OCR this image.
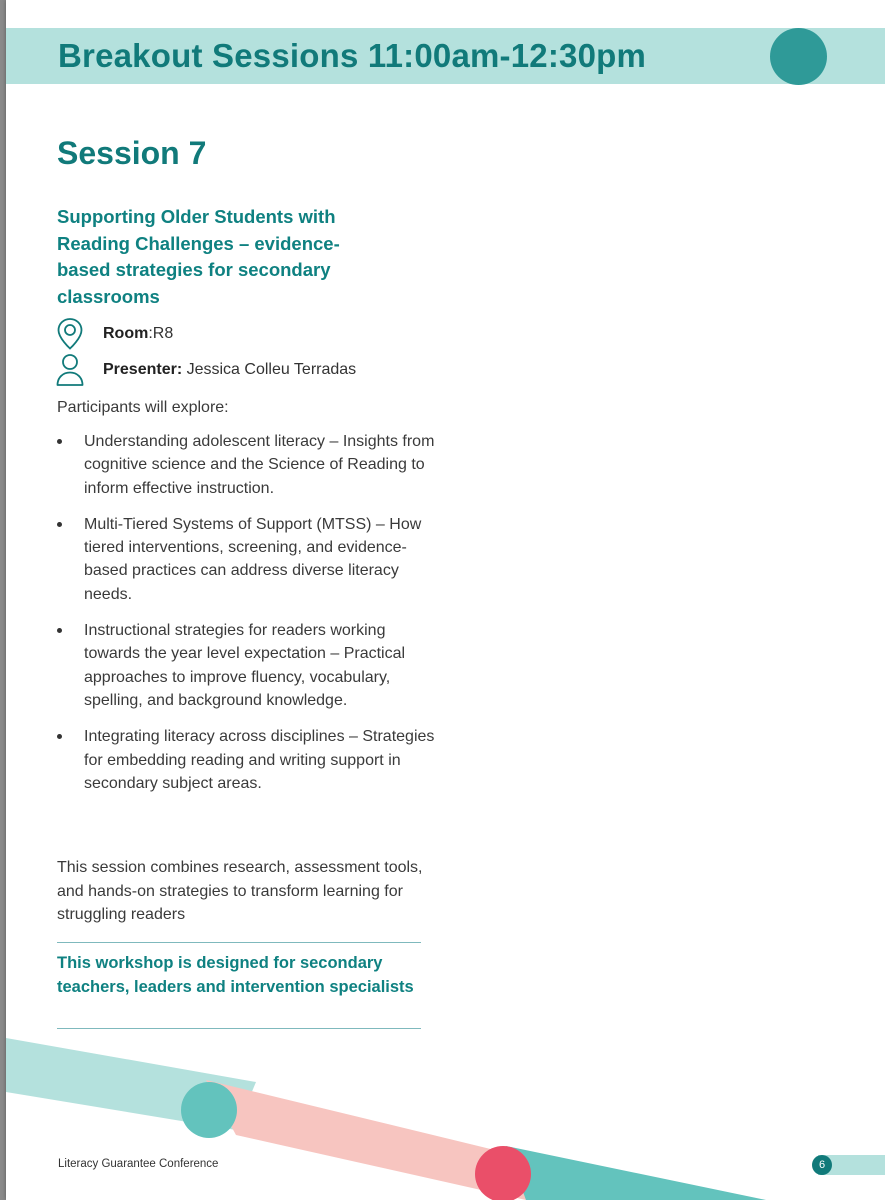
Breakout Sessions 11:00am-12:30pm
Session 7
Supporting Older Students with Reading Challenges – evidence-based strategies for secondary classrooms
Room:R8
Presenter: Jessica Colleu Terradas

Participants will explore:

Understanding adolescent literacy – Insights from cognitive science and the Science of Reading to inform effective instruction.
Multi-Tiered Systems of Support (MTSS) – How tiered interventions, screening, and evidence-based practices can address diverse literacy needs.
Instructional strategies for readers working towards the year level expectation – Practical approaches to improve fluency, vocabulary, spelling, and background knowledge.
Integrating literacy across disciplines – Strategies for embedding reading and writing support in secondary subject areas.

This session combines research, assessment tools, and hands-on strategies to transform learning for struggling readers

This workshop is designed for secondary teachers, leaders and intervention specialists

Literacy Guarantee Conference	6
